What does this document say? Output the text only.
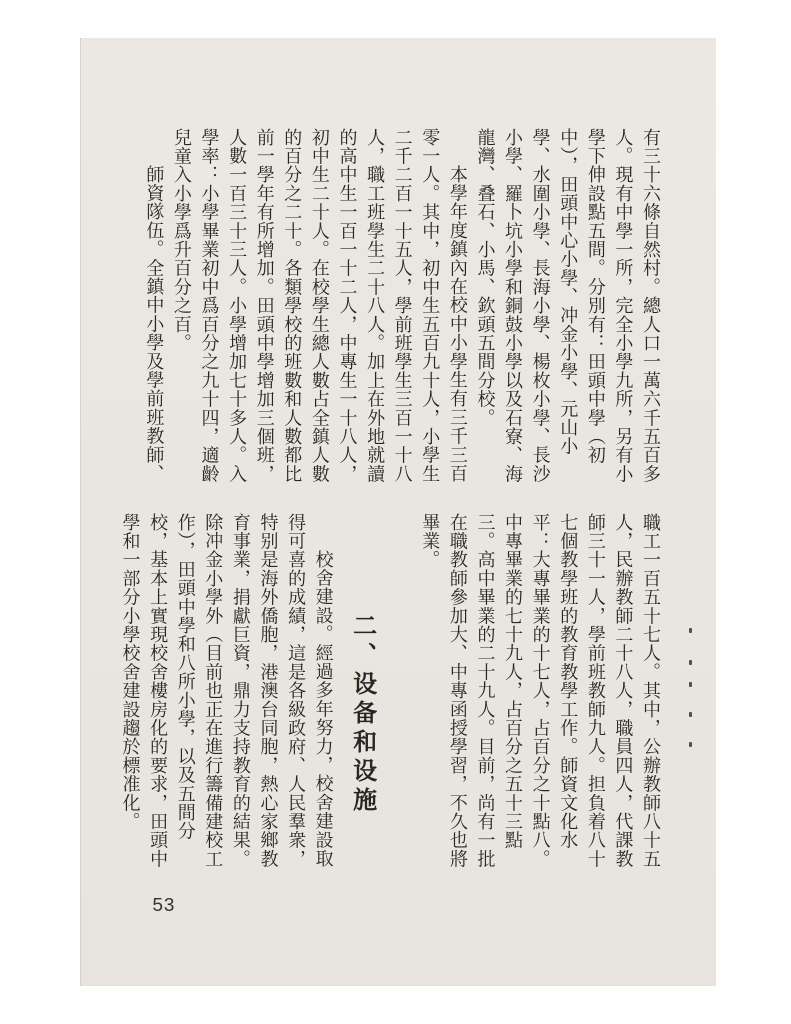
有三十六條自然村。總人口一萬六千五百多
人。現有中學一所，完全小學九所，另有小
學下伸設點五間。分別有：田頭中學（初
中），田頭中心小學、冲金小學、元山小
學、水圍小學、長海小學、楊枚小學、長沙
小學、羅卜坑小學和銅鼓小學以及石寮、海
龍灣、叠石、小馬、欽頭五間分校。
本學年度鎮內在校中小學生有三千三百
零一人。其中，初中生五百九十人，小學生
二千二百一十五人，學前班學生三百一十八
人，職工班學生二十八人。加上在外地就讀
的高中生一百一十二人，中專生一十八人，
初中生二十人。在校學生總人數占全鎮人數
的百分之二十。各類學校的班數和人數都比
前一學年有所增加。田頭中學增加三個班，
人數一百三十三人。小學增加七十多人。入
學率：小學畢業初中爲百分之九十四，適齡
兒童入小學爲升百分之百。
師資隊伍。全鎮中小學及學前班教師、
職工一百五十七人。其中，公辦教師八十五
人，民辦教師二十八人，職員四人，代課教
師三十一人，學前班教師九人。担負着八十
七個教學班的教育教學工作。師資文化水
平：大專畢業的十七人，占百分之十點八。
中專畢業的七十九人，占百分之五十三點
三。高中畢業的二十九人。目前，尚有一批
在職教師參加大、中專函授學習，不久也將
畢業。
二、设备和设施
校舍建設。經過多年努力，校舍建設取
得可喜的成績，這是各級政府、人民羣衆，
特别是海外僑胞，港澳台同胞，熱心家鄉教
育事業，捐獻巨資，鼎力支持教育的結果。
除冲金小學外（目前也正在進行籌備建校工
作），田頭中學和八所小學，以及五間分
校，基本上實現校舍樓房化的要求，田頭中
學和一部分小學校舍建設趨於標准化。
53
